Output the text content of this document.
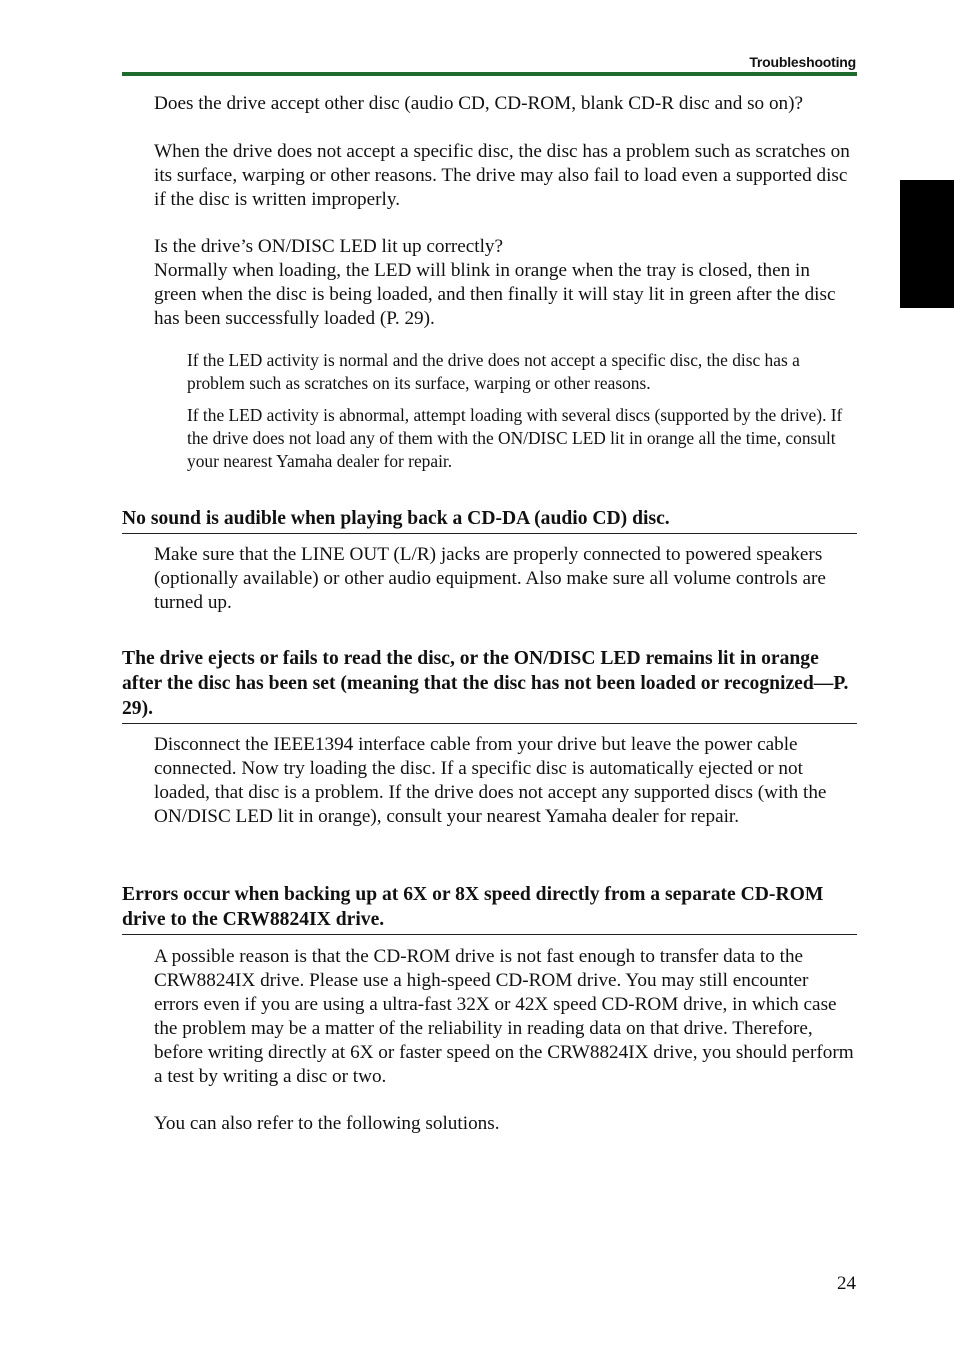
Troubleshooting

Does the drive accept other disc (audio CD, CD-ROM, blank CD-R disc and so on)?

When the drive does not accept a specific disc, the disc has a problem such as scratches on its surface, warping or other reasons. The drive may also fail to load even a supported disc if the disc is written improperly.

Is the drive’s ON/DISC LED lit up correctly?

Normally when loading, the LED will blink in orange when the tray is closed, then in green when the disc is being loaded, and then finally it will stay lit in green after the disc has been successfully loaded (P. 29).

If the LED activity is normal and the drive does not accept a specific disc, the disc has a problem such as scratches on its surface, warping or other reasons.

If the LED activity is abnormal, attempt loading with several discs (supported by the drive). If the drive does not load any of them with the ON/DISC LED lit in orange all the time, consult your nearest Yamaha dealer for repair.

No sound is audible when playing back a CD-DA (audio CD) disc.

Make sure that the LINE OUT (L/R) jacks are properly connected to powered speakers (optionally available) or other audio equipment. Also make sure all volume controls are turned up.

The drive ejects or fails to read the disc, or the ON/DISC LED remains lit in orange after the disc has been set (meaning that the disc has not been loaded or recognized—P. 29).

Disconnect the IEEE1394 interface cable from your drive but leave the power cable connected. Now try loading the disc. If a specific disc is automatically ejected or not loaded, that disc is a problem. If the drive does not accept any supported discs (with the ON/DISC LED lit in orange), consult your nearest Yamaha dealer for repair.

Errors occur when backing up at 6X or 8X speed directly from a separate CD-ROM drive to the CRW8824IX drive.

A possible reason is that the CD-ROM drive is not fast enough to transfer data to the CRW8824IX drive. Please use a high-speed CD-ROM drive. You may still encounter errors even if you are using a ultra-fast 32X or 42X speed CD-ROM drive, in which case the problem may be a matter of the reliability in reading data on that drive. Therefore, before writing directly at 6X or faster speed on the CRW8824IX drive, you should perform a test by writing a disc or two.

You can also refer to the following solutions.

24
